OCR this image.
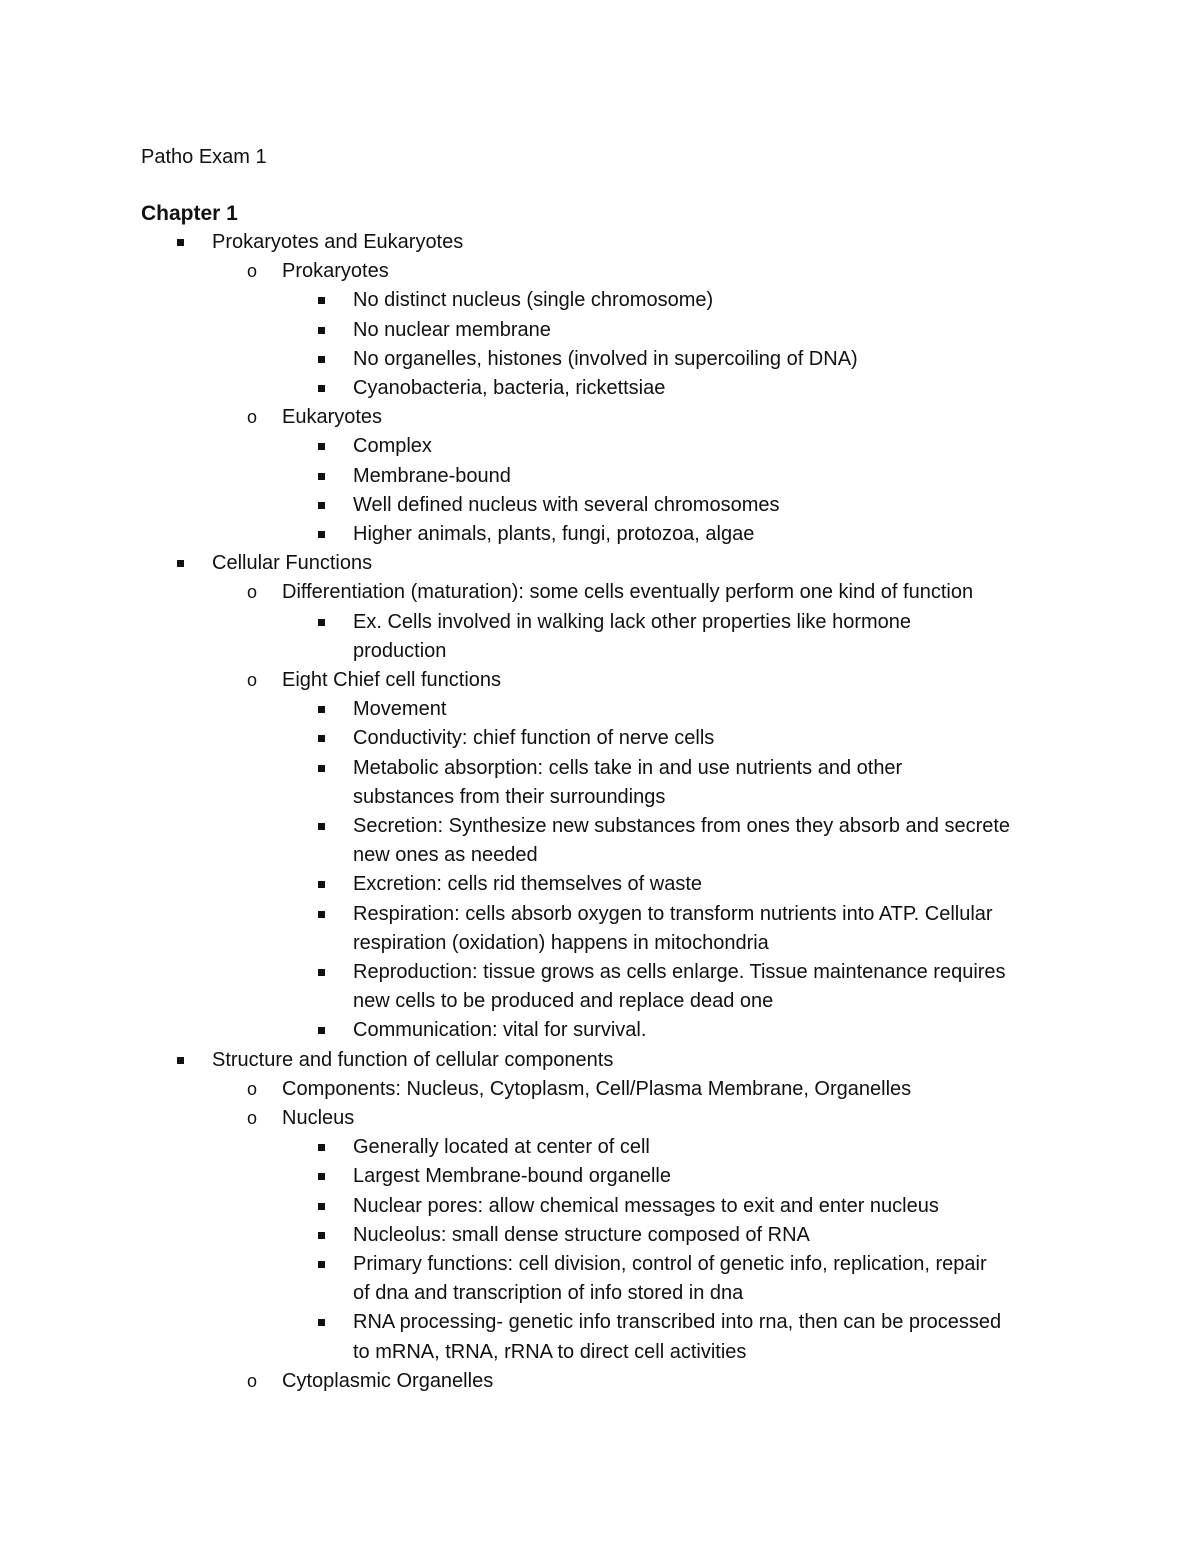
Patho Exam 1
Chapter 1
Prokaryotes and Eukaryotes
o Prokaryotes
No distinct nucleus (single chromosome)
No nuclear membrane
No organelles, histones (involved in supercoiling of DNA)
Cyanobacteria, bacteria, rickettsiae
o Eukaryotes
Complex
Membrane-bound
Well defined nucleus with several chromosomes
Higher animals, plants, fungi, protozoa, algae
Cellular Functions
o Differentiation (maturation): some cells eventually perform one kind of function
Ex. Cells involved in walking lack other properties like hormone
production
o Eight Chief cell functions
Movement
Conductivity: chief function of nerve cells
Metabolic absorption: cells take in and use nutrients and other
substances from their surroundings
Secretion: Synthesize new substances from ones they absorb and secrete
new ones as needed
Excretion: cells rid themselves of waste
Respiration: cells absorb oxygen to transform nutrients into ATP. Cellular
respiration (oxidation) happens in mitochondria
Reproduction: tissue grows as cells enlarge. Tissue maintenance requires
new cells to be produced and replace dead one
Communication: vital for survival.
Structure and function of cellular components
o Components: Nucleus, Cytoplasm, Cell/Plasma Membrane, Organelles
o Nucleus
Generally located at center of cell
Largest Membrane-bound organelle
Nuclear pores: allow chemical messages to exit and enter nucleus
Nucleolus: small dense structure composed of RNA
Primary functions: cell division, control of genetic info, replication, repair
of dna and transcription of info stored in dna
RNA processing- genetic info transcribed into rna, then can be processed
to mRNA, tRNA, rRNA to direct cell activities
o Cytoplasmic Organelles
